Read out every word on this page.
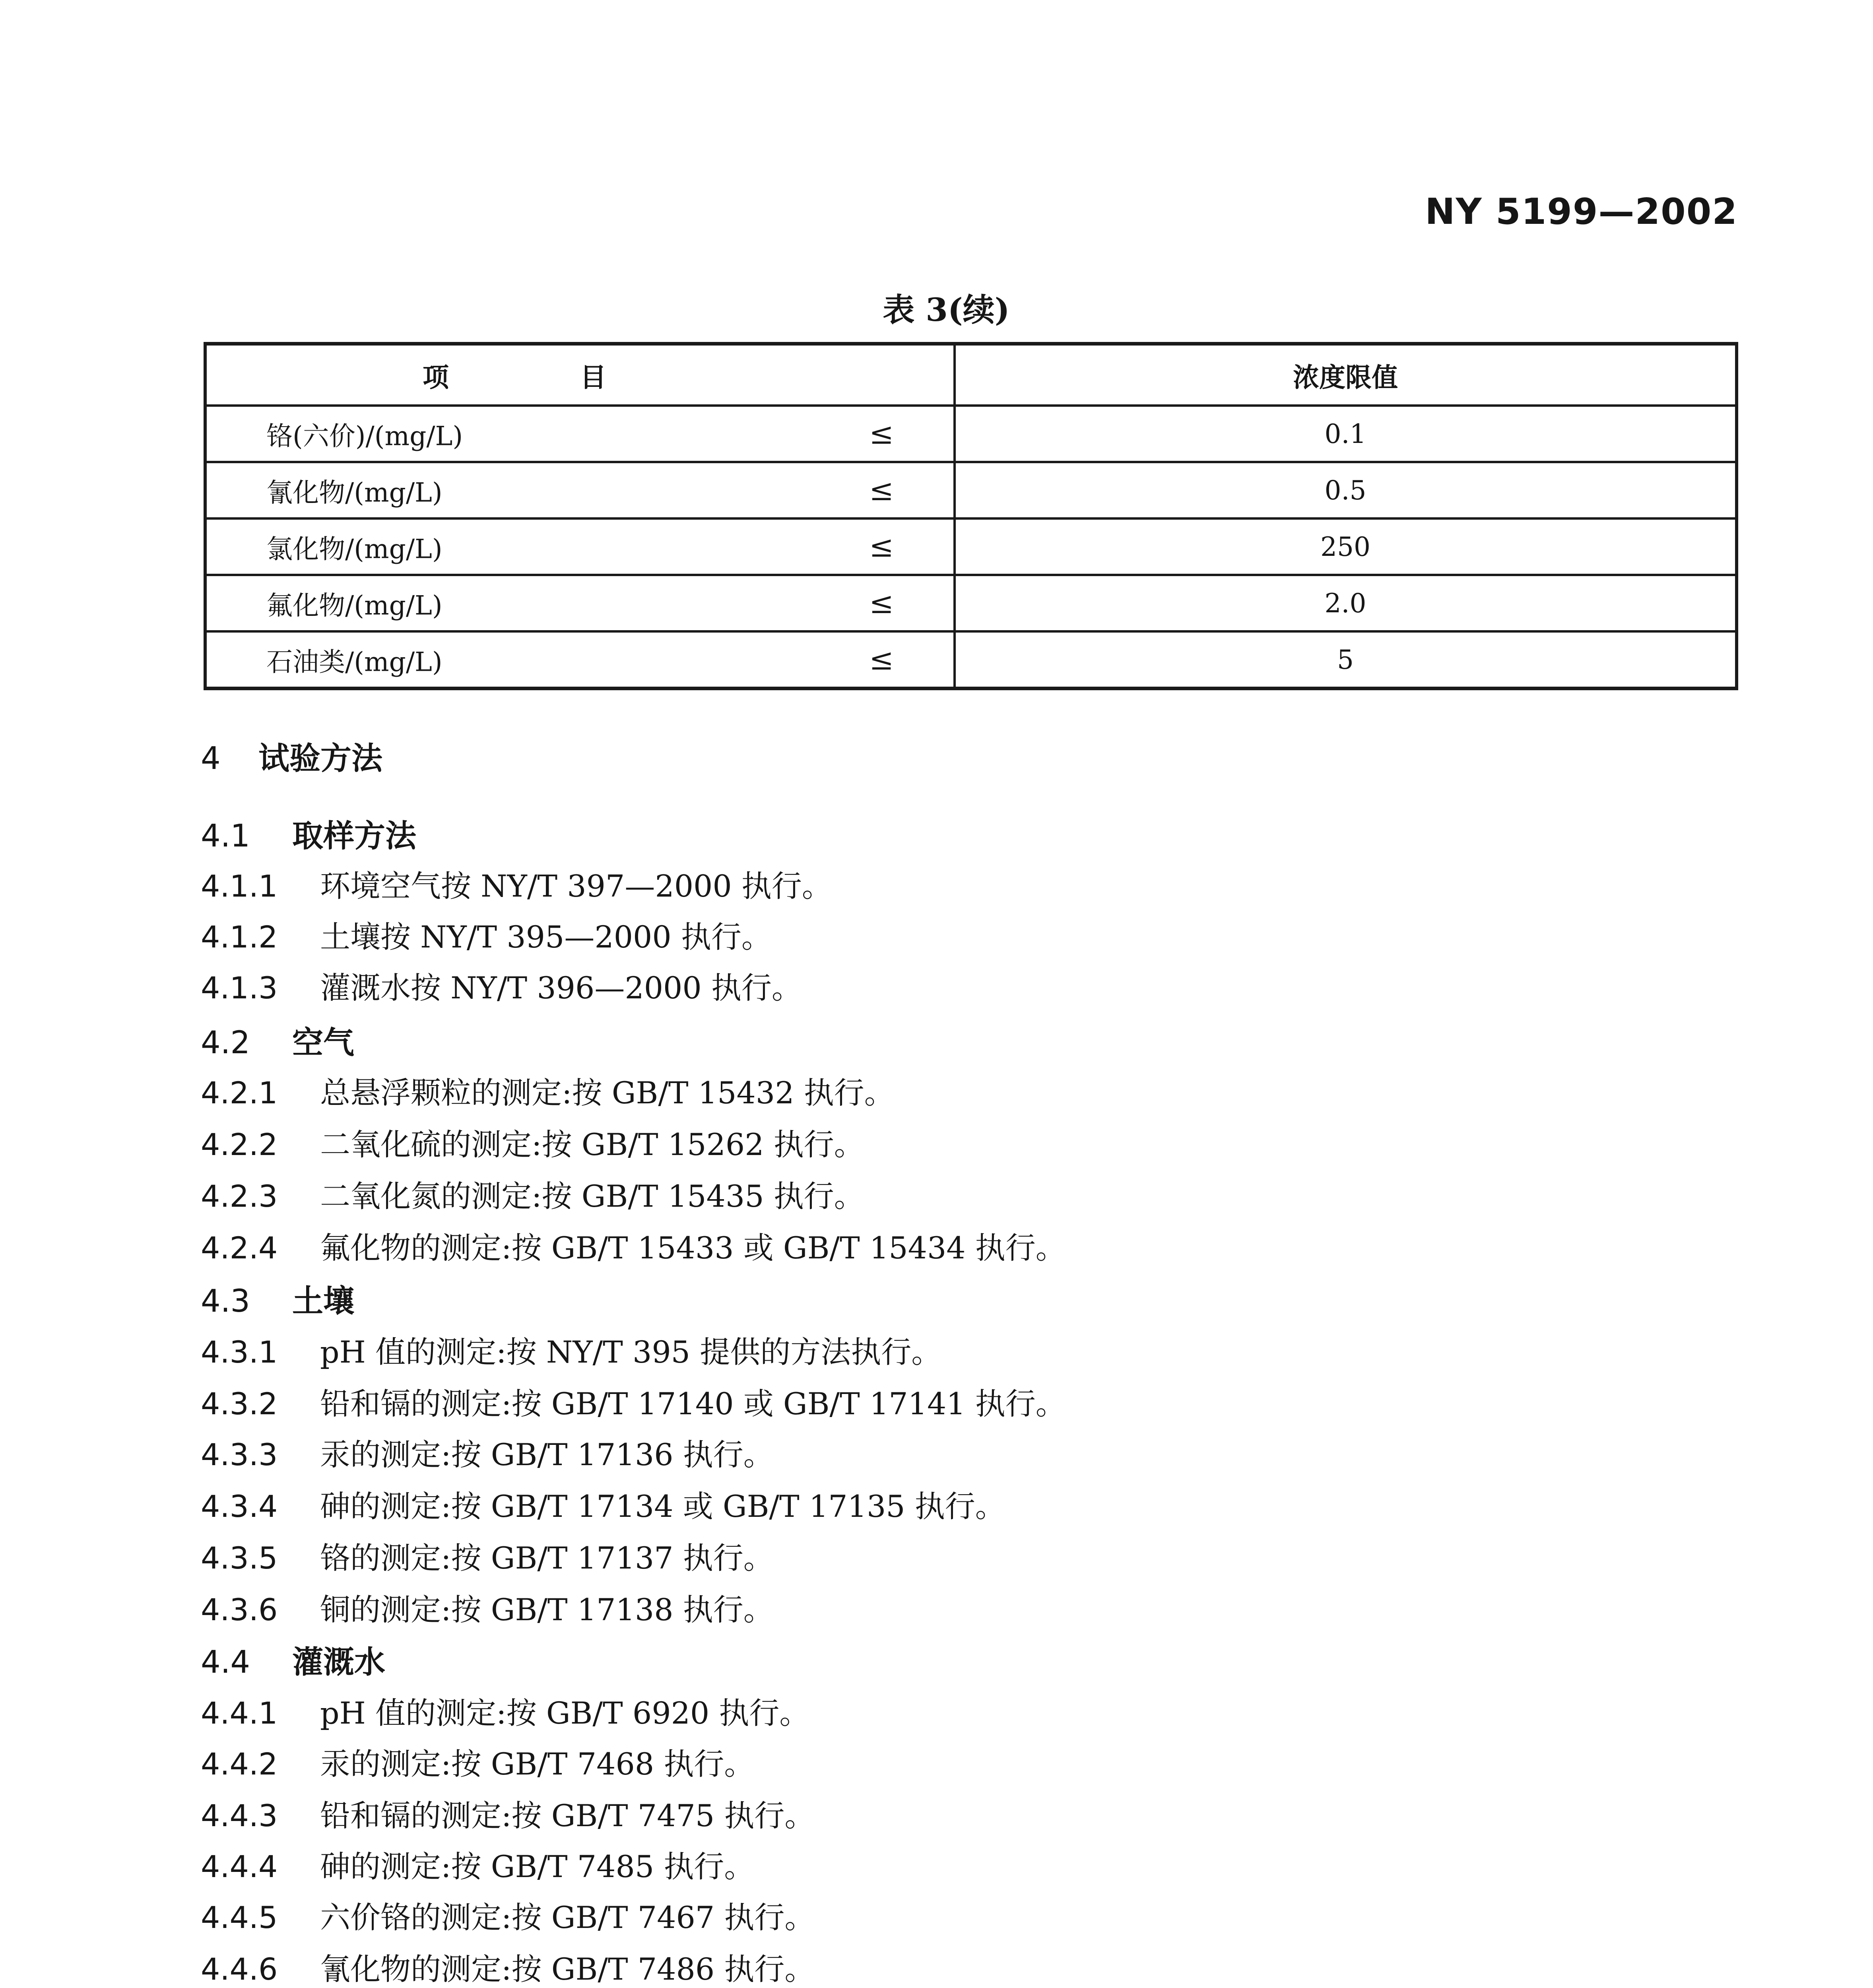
NY 5199—2002
表 3(续)
项目	浓度限值

铬(六价)/(mg/L) ≤	0.1

氰化物/(mg/L) ≤	0.5

氯化物/(mg/L) ≤	250

氟化物/(mg/L) ≤	2.0

石油类/(mg/L) ≤	5
4 试验方法
4.1 取样方法
4.1.1 环境空气按 NY/T 397—2000 执行。
4.1.2 土壤按 NY/T 395—2000 执行。
4.1.3 灌溉水按 NY/T 396—2000 执行。
4.2 空气
4.2.1 总悬浮颗粒的测定:按 GB/T 15432 执行。
4.2.2 二氧化硫的测定:按 GB/T 15262 执行。
4.2.3 二氧化氮的测定:按 GB/T 15435 执行。
4.2.4 氟化物的测定:按 GB/T 15433 或 GB/T 15434 执行。
4.3 土壤
4.3.1 pH 值的测定:按 NY/T 395 提供的方法执行。
4.3.2 铅和镉的测定:按 GB/T 17140 或 GB/T 17141 执行。
4.3.3 汞的测定:按 GB/T 17136 执行。
4.3.4 砷的测定:按 GB/T 17134 或 GB/T 17135 执行。
4.3.5 铬的测定:按 GB/T 17137 执行。
4.3.6 铜的测定:按 GB/T 17138 执行。
4.4 灌溉水
4.4.1 pH 值的测定:按 GB/T 6920 执行。
4.4.2 汞的测定:按 GB/T 7468 执行。
4.4.3 铅和镉的测定:按 GB/T 7475 执行。
4.4.4 砷的测定:按 GB/T 7485 执行。
4.4.5 六价铬的测定:按 GB/T 7467 执行。
4.4.6 氰化物的测定:按 GB/T 7486 执行。
